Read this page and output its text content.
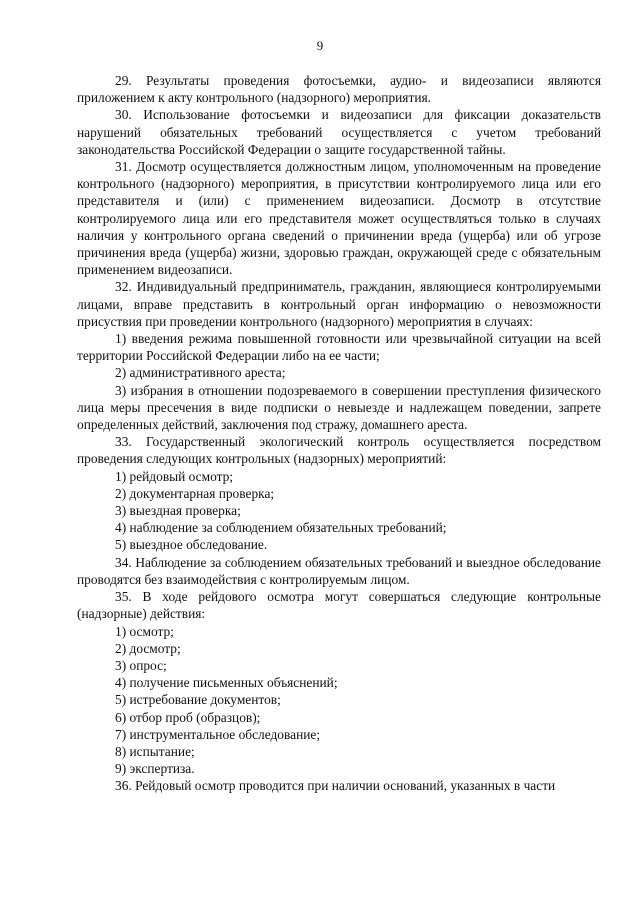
9

29. Результаты проведения фотосъемки, аудио- и видеозаписи являются приложением к акту контрольного (надзорного) мероприятия.

30. Использование фотосъемки и видеозаписи для фиксации доказательств нарушений обязательных требований осуществляется с учетом требований законодательства Российской Федерации о защите государственной тайны.

31. Досмотр осуществляется должностным лицом, уполномоченным на проведение контрольного (надзорного) мероприятия, в присутствии контролируемого лица или его представителя и (или) с применением видеозаписи. Досмотр в отсутствие контролируемого лица или его представителя может осуществляться только в случаях наличия у контрольного органа сведений о причинении вреда (ущерба) или об угрозе причинения вреда (ущерба) жизни, здоровью граждан, окружающей среде с обязательным применением видеозаписи.

32. Индивидуальный предприниматель, гражданин, являющиеся контролируемыми лицами, вправе представить в контрольный орган информацию о невозможности присуствия при проведении контрольного (надзорного) мероприятия в случаях:

1) введения режима повышенной готовности или чрезвычайной ситуации на всей территории Российской Федерации либо на ее части;

2) административного ареста;

3) избрания в отношении подозреваемого в совершении преступления физического лица меры пресечения в виде подписки о невыезде и надлежащем поведении, запрете определенных действий, заключения под стражу, домашнего ареста.

33. Государственный экологический контроль осуществляется посредством проведения следующих контрольных (надзорных) мероприятий:

1) рейдовый осмотр;

2) документарная проверка;

3) выездная проверка;

4) наблюдение за соблюдением обязательных требований;

5) выездное обследование.

34. Наблюдение за соблюдением обязательных требований и выездное обследование проводятся без взаимодействия с контролируемым лицом.

35. В ходе рейдового осмотра могут совершаться следующие контрольные (надзорные) действия:

1) осмотр;

2) досмотр;

3) опрос;

4) получение письменных объяснений;

5) истребование документов;

6) отбор проб (образцов);

7) инструментальное обследование;

8) испытание;

9) экспертиза.

36. Рейдовый осмотр проводится при наличии оснований, указанных в части
